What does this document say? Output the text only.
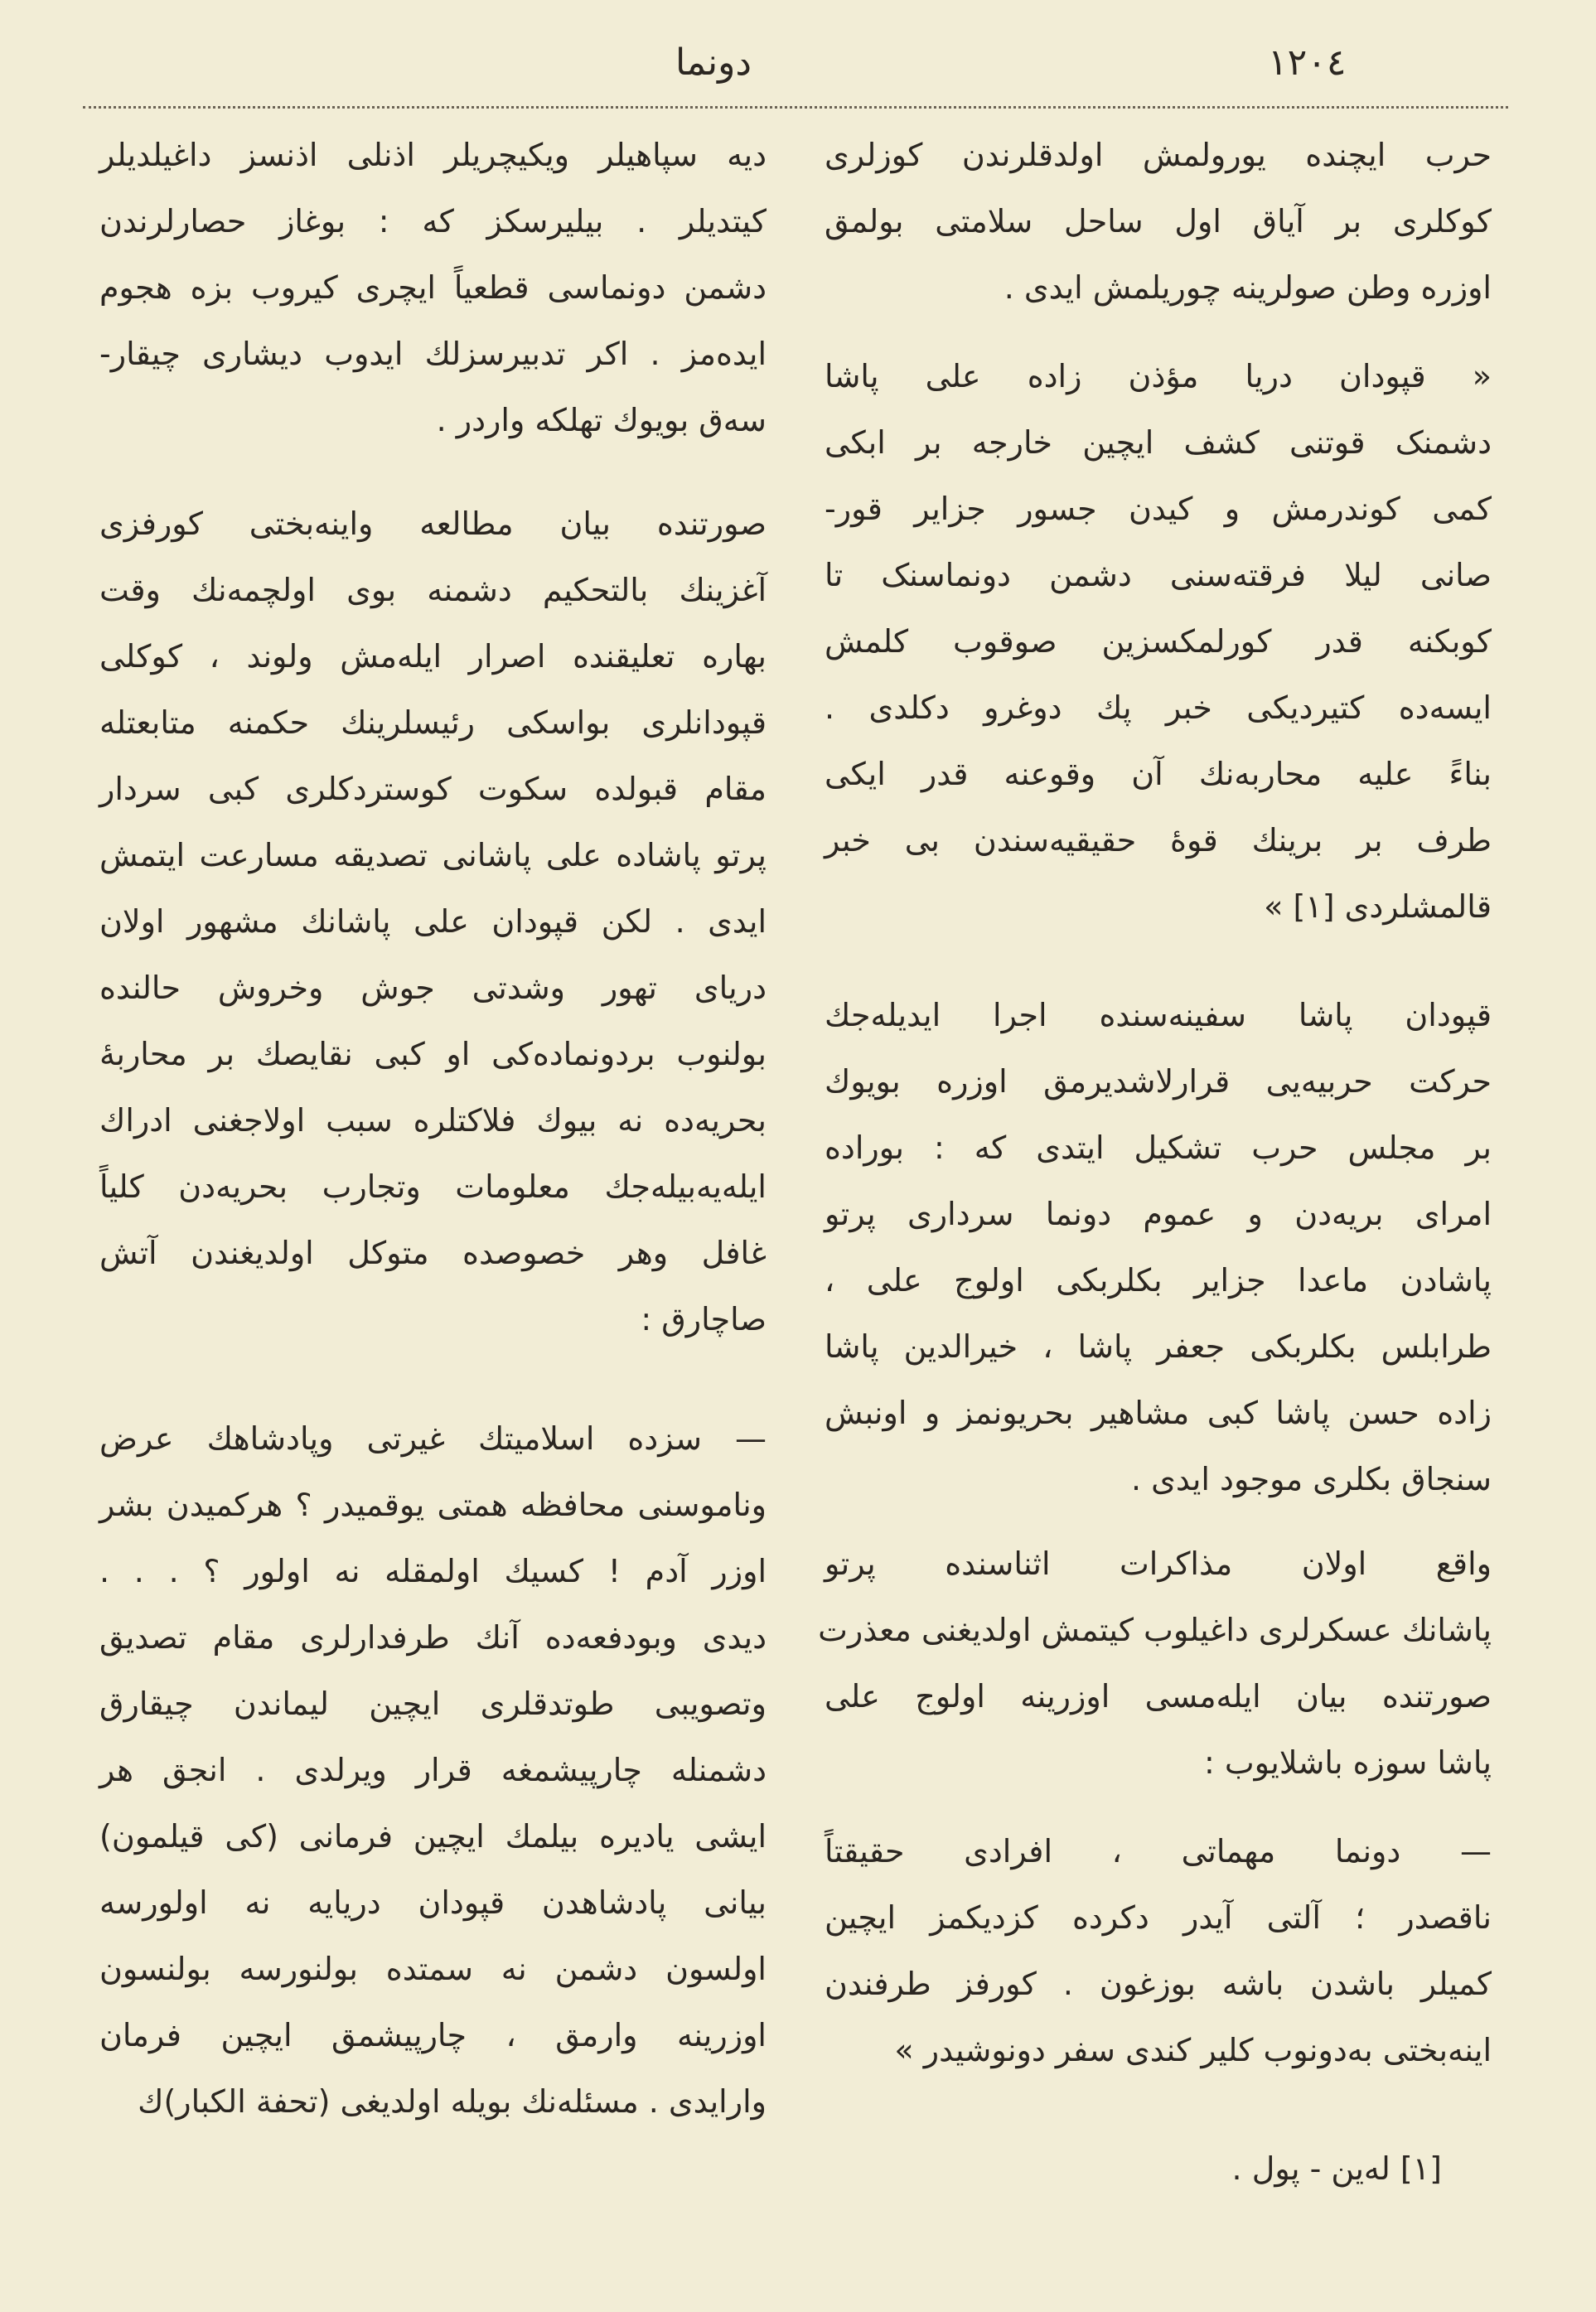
١٢٠٤
دونما
حرب ایچنده یورولمش اولدقلرندن کوزلری
کوکلری بر آیاق اول ساحل سلامتی بولمق
اوزره وطن صولرینه چوریلمش ایدی .
« قپودان دریا مؤذن زاده علی پاشا
دشمنک قوتنی کشف ایچین خارجه بر ابکی
کمی کوندرمش و کیدن جسور جزایر قور-
صانی لیلا فرقتەسنی دشمن دونماسنک تا
کوبکنه قدر کورلمکسزین صوقوب کلمش
ایسەده کتیردیکی خبر پك دوغرو دکلدی .
بناءً علیه محاربەنك آن وقوعنه قدر ایکی
طرف بر برینك قوۀ حقیقیەسندن بی خبر
قالمشلردی [۱] »
قپودان پاشا سفینەسنده اجرا ایدیلەجك
حرکت حربیەیی قرارلاشدیرمق اوزره بویوك
بر مجلس حرب تشکیل ایتدی که : بورادە
امرای بریەدن و عموم دونما سرداری پرتو
پاشادن ماعدا جزایر بکلربکی اولوج علی ،
طرابلس بکلربکی جعفر پاشا ، خیرالدین پاشا
زاده حسن پاشا کبی مشاهیر بحریونمز و اونبش
سنجاق بکلری موجود ایدی .
واقع اولان مذاکرات اثناسنده پرتو
پاشانك عسکرلری داغیلوب کیتمش اولدیغنی معذرت
صورتنده بیان ایلەمسی اوزرینه اولوج علی
پاشا سوزه باشلایوب :
— دونما مهماتی ، افرادی حقیقتاً
ناقصدر ؛ آلتی آیدر دکرده کزدیکمز ایچین
کمیلر باشدن باشه بوزغون . کورفز طرفندن
اینەبختی بەدونوب کلیر کندی سفر دونوشیدر »
[۱] لەین - پول .
دیه سپاهیلر ویکیچریلر اذنلی اذنسز داغیلدیلر
کیتدیلر . بیلیرسکز که : بوغاز حصارلرندن
دشمن دونماسی قطعیاً ایچری کیروب بزه هجوم
ایدەمز . اکر تدبیرسزلك ایدوب دیشاری چیقار-
سەق بویوك تهلکه واردر .
صورتنده بیان مطالعه واینەبختی کورفزی
آغزینك بالتحکیم دشمنه بوی اولچمەنك وقت
بهاره تعلیقنده اصرار ایلەمش ولوند ، کوکلی
قپودانلری بواسکی رئیسلرینك حکمنه متابعتله
مقام قبولده سکوت کوستردکلری کبی سردار
پرتو پاشاده علی پاشانی تصدیقه مسارعت ایتمش
ایدی . لکن قپودان علی پاشانك مشهور اولان
دریای تهور وشدتی جوش وخروش حالنده
بولنوب بردونمادەکی او کبی نقایصك بر محاربۀ
بحریەده نه بیوك فلاکتلره سبب اولاجغنی ادراك
ایلەیەبیلەجك معلومات وتجارب بحریەدن کلیاً
غافل وهر خصوصده متوکل اولدیغندن آتش
صاچارق :
— سزده اسلامیتك غیرتی وپادشاهك عرض
وناموسنی محافظه همتی یوقمیدر ؟ هرکمیدن بشر
اوزر آدم ! کسیك اولمقله نه اولور ؟ . . .
دیدی وبودفعەده آنك طرفدارلری مقام تصدیق
وتصویبی طوتدقلری ایچین لیماندن چیقارق
دشمنله چارپیشمغه قرار ویرلدی . انجق هر
ایشی یادیره بیلمك ایچین فرمانی (کی قیلمون)
بیانی پادشاهدن قپودان دریایه نه اولورسه
اولسون دشمن نه سمتده بولنورسه بولنسون
اوزرینه وارمق ، چارپیشمق ایچین فرمان
وارایدی . مسئلەنك بویله اولدیغی (تحفة الکبار)ك
